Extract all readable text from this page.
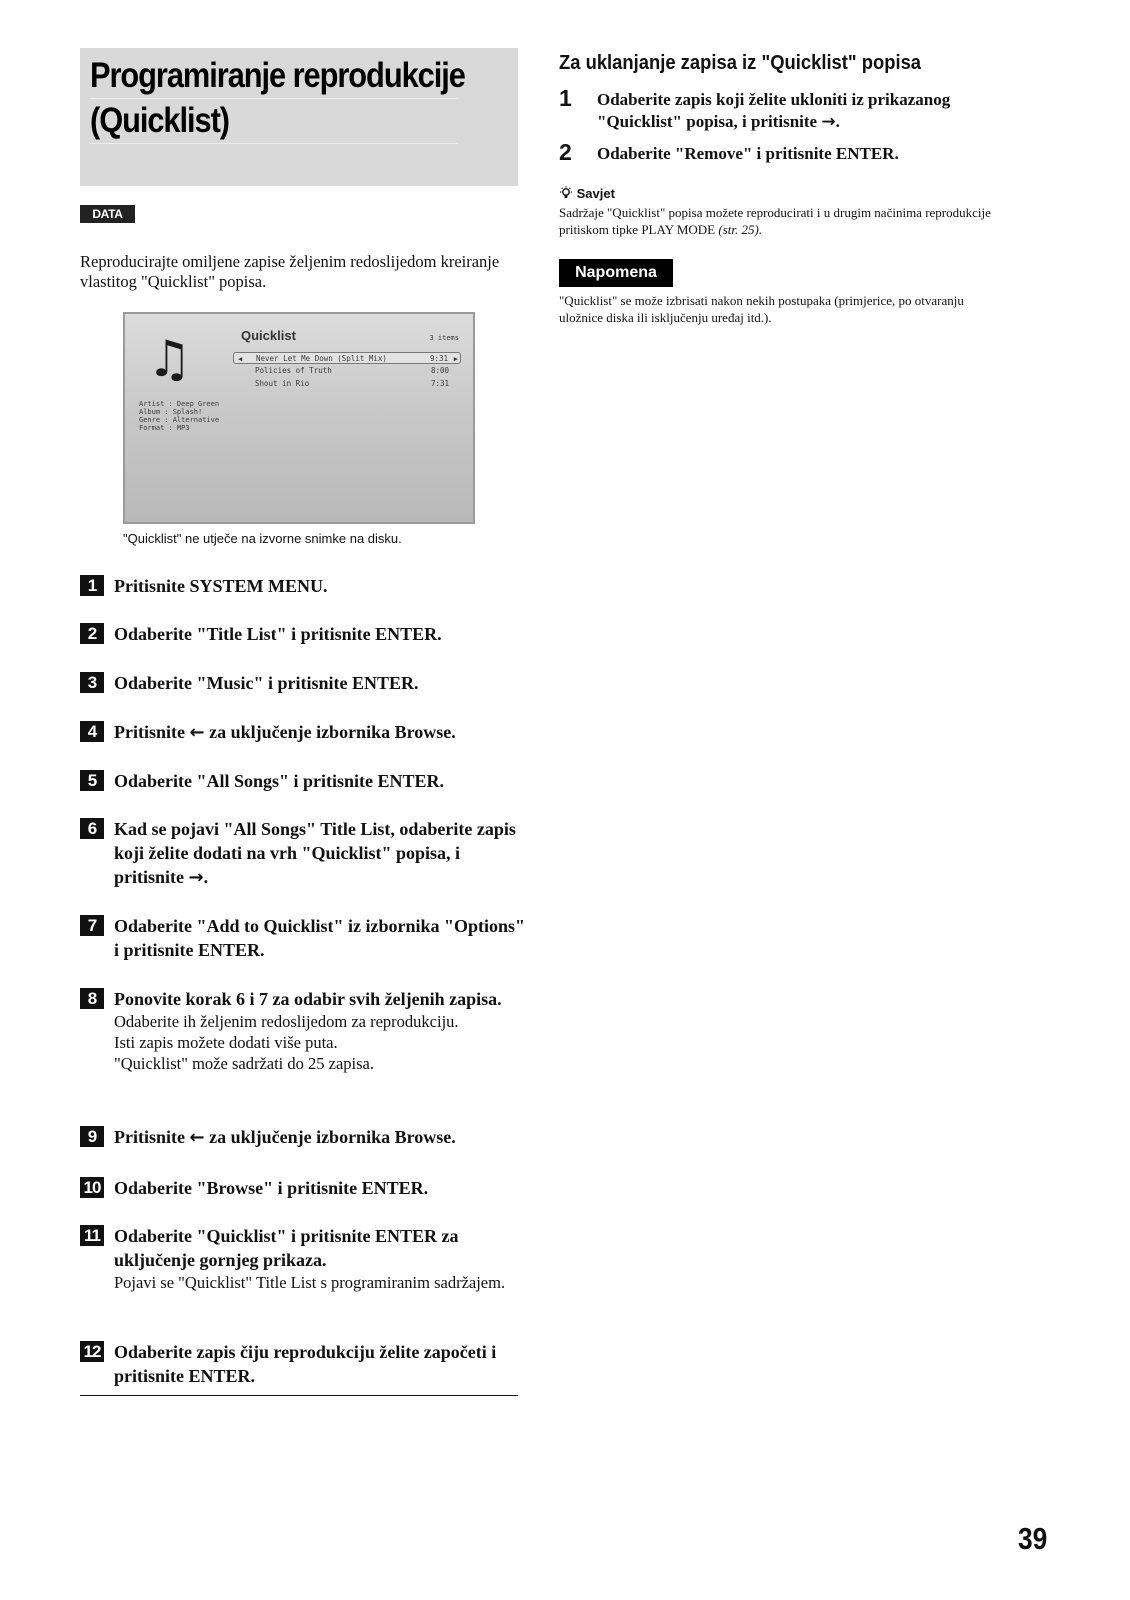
Programiranje reprodukcije
(Quicklist)
DATA DVD
Reproducirajte omiljene zapise željenim redoslijedom kreiranje vlastitog "Quicklist" popisa.
♫	Quicklist	3 items
◀ Never Let Me Down (Split Mix)	9:31 ▶
Policies of Truth	8:00
Shout in Rio	7:31
Artist : Deep Green
Album : Splash!
Genre : Alternative
Format : MP3
"Quicklist" ne utječe na izvorne snimke na disku.
1 Pritisnite SYSTEM MENU.
2 Odaberite "Title List" i pritisnite ENTER.
3 Odaberite "Music" i pritisnite ENTER.
4 Pritisnite ← za uključenje izbornika Browse.
5 Odaberite "All Songs" i pritisnite ENTER.
6 Kad se pojavi "All Songs" Title List, odaberite zapis koji želite dodati na vrh "Quicklist" popisa, i pritisnite →.
7 Odaberite "Add to Quicklist" iz izbornika "Options" i pritisnite ENTER.
8 Ponovite korak 6 i 7 za odabir svih željenih zapisa.
Odaberite ih željenim redoslijedom za reprodukciju.
Isti zapis možete dodati više puta.
"Quicklist" može sadržati do 25 zapisa.
9 Pritisnite ← za uključenje izbornika Browse.
10 Odaberite "Browse" i pritisnite ENTER.
11 Odaberite "Quicklist" i pritisnite ENTER za uključenje gornjeg prikaza.
Pojavi se "Quicklist" Title List s programiranim sadržajem.
12 Odaberite zapis čiju reprodukciju želite započeti i pritisnite ENTER.
Za uklanjanje zapisa iz "Quicklist" popisa
1 Odaberite zapis koji želite ukloniti iz prikazanog "Quicklist" popisa, i pritisnite →.
2 Odaberite "Remove" i pritisnite ENTER.
Savjet
Sadržaje "Quicklist" popisa možete reproducirati i u drugim načinima reprodukcije pritiskom tipke PLAY MODE (str. 25).
Napomena
"Quicklist" se može izbrisati nakon nekih postupaka (primjerice, po otvaranju uložnice diska ili isključenju uređaj itd.).
39
